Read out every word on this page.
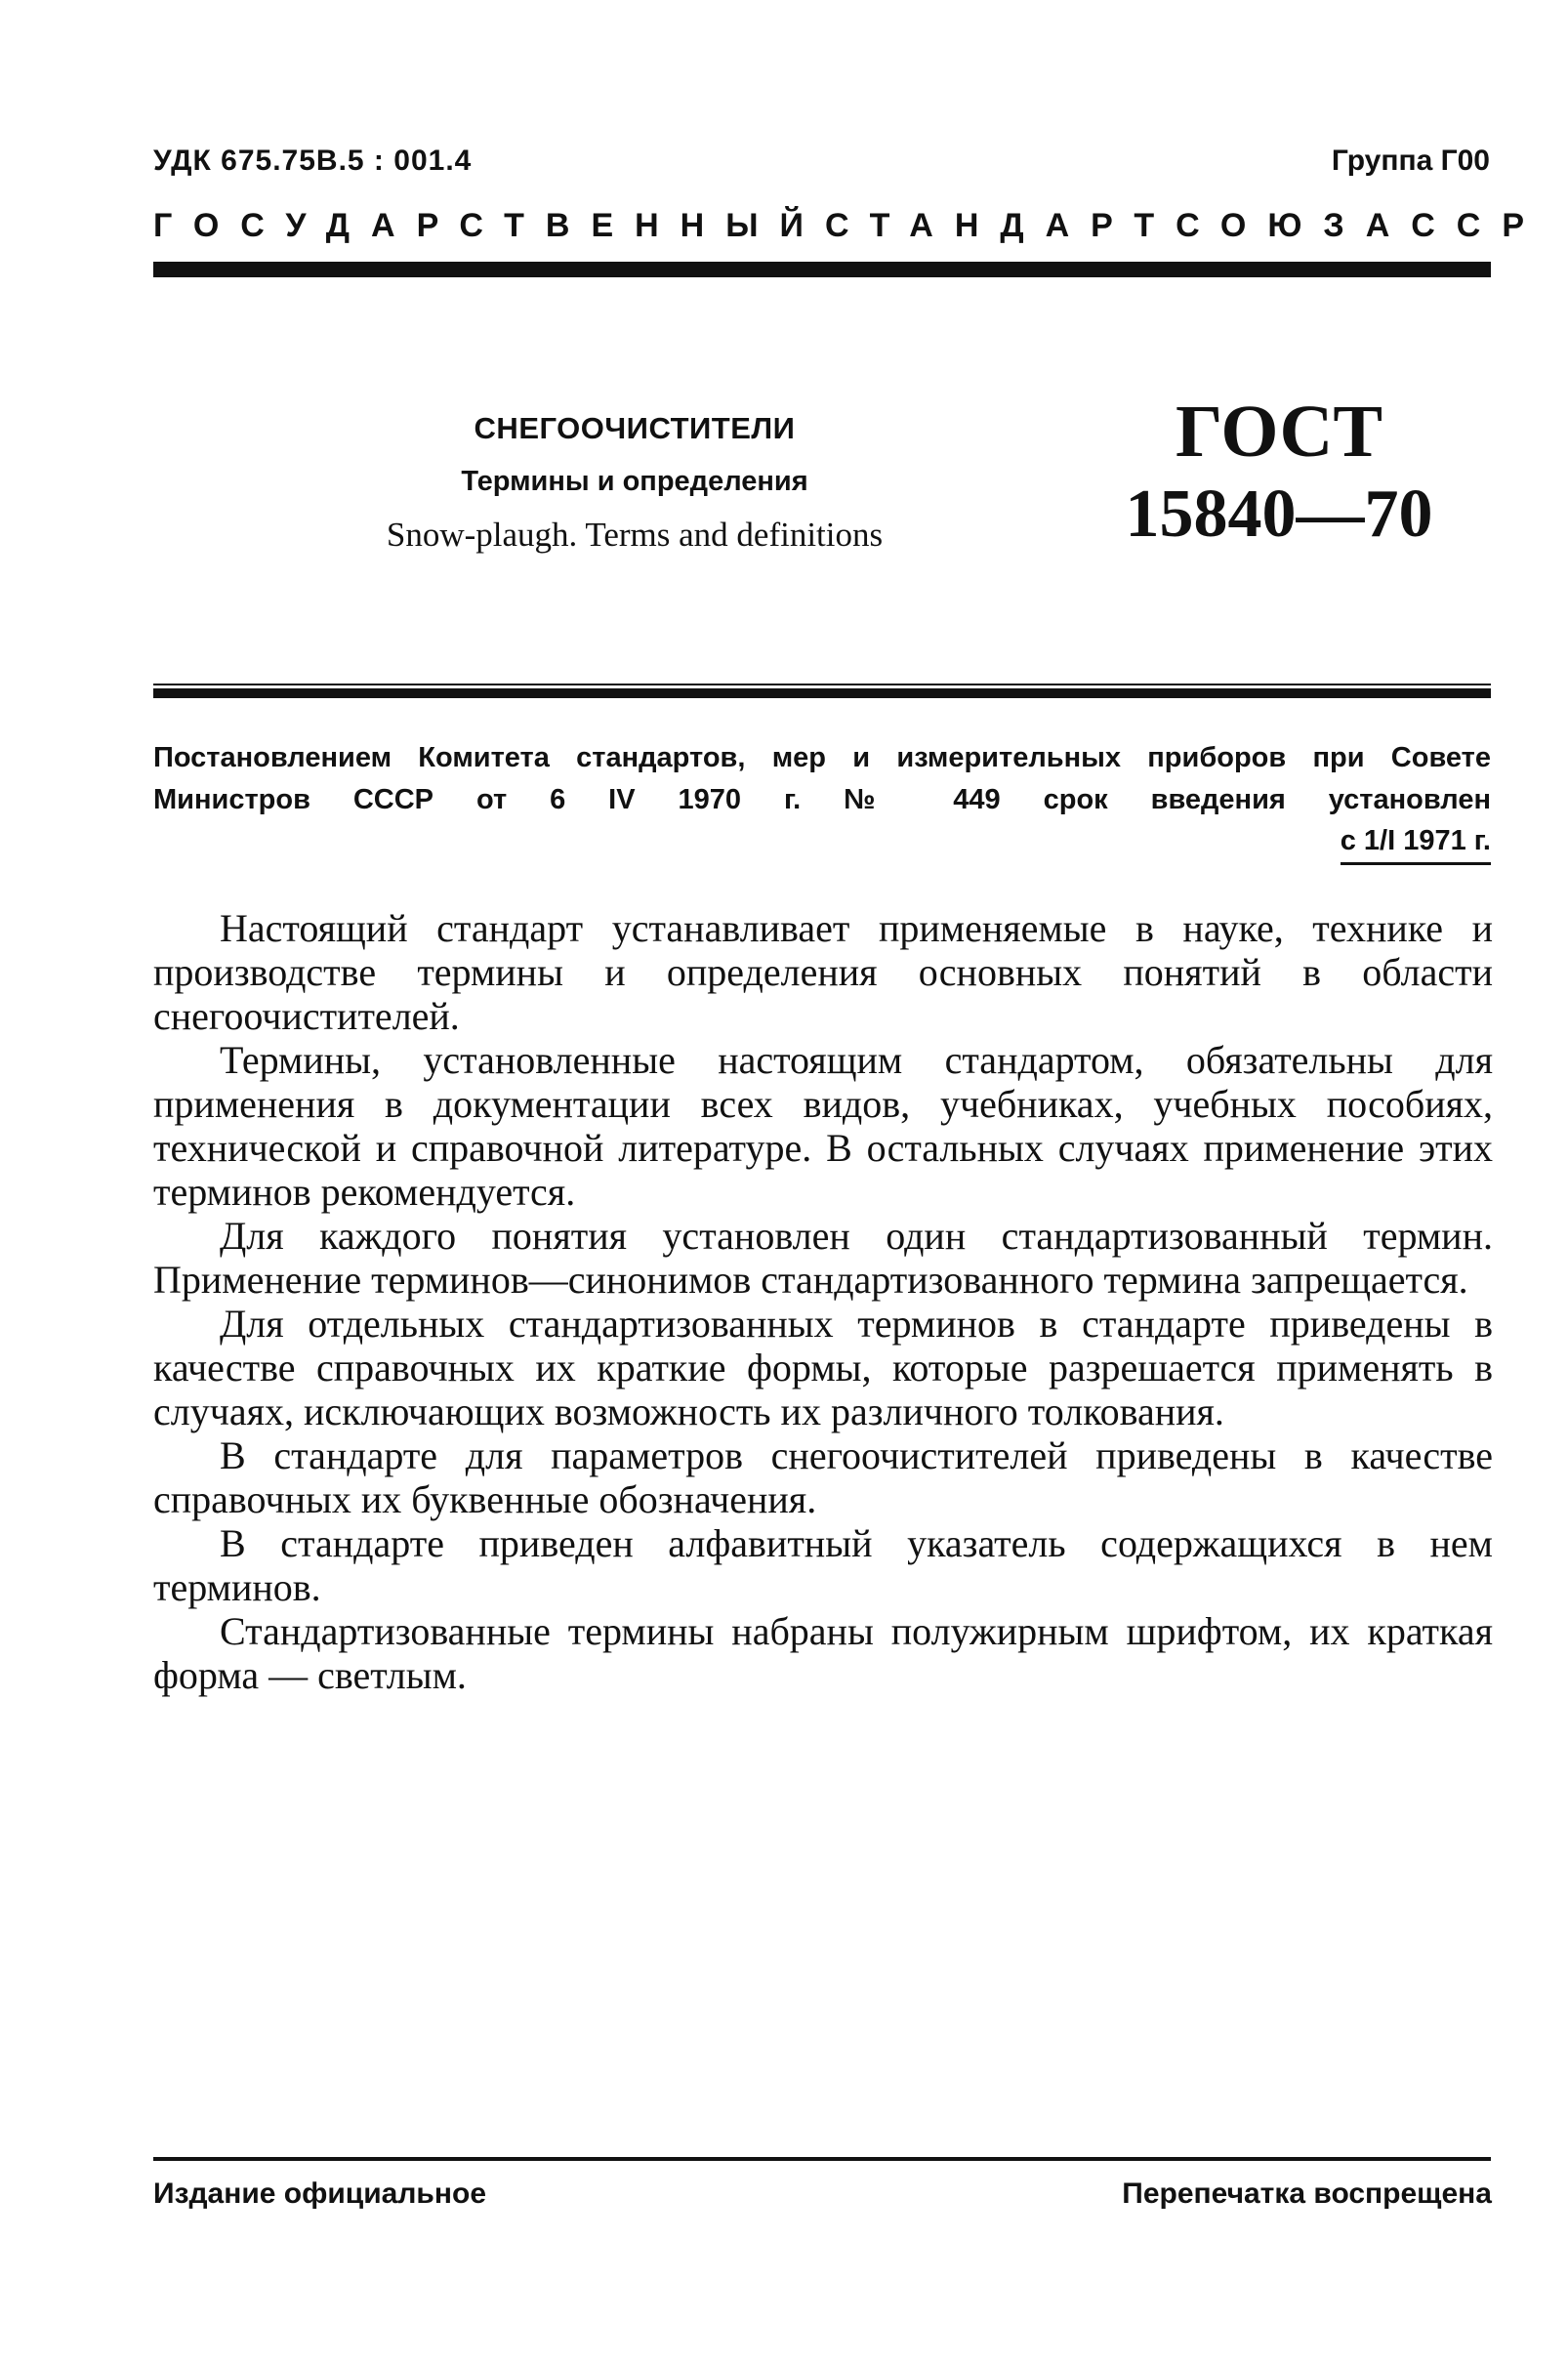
УДК 675.75В.5 : 001.4	Группа Г00
ГОСУДАРСТВЕННЫЙ СТАНДАРТ СОЮЗА ССР
СНЕГООЧИСТИТЕЛИ
Термины и определения
Snow-plaugh. Terms and definitions
ГОСТ
15840—70
Постановлением Комитета стандартов, мер и измерительных приборов при Совете Министров СССР от 6 IV 1970 г. № 449 срок введения установлен
с 1/I 1971 г.

Настоящий стандарт устанавливает применяемые в науке, технике и производстве термины и определения основных понятий в области снегоочистителей.

Термины, установленные настоящим стандартом, обязательны для применения в документации всех видов, учебниках, учебных пособиях, технической и справочной литературе. В остальных случаях применение этих терминов рекомендуется.

Для каждого понятия установлен один стандартизованный термин. Применение терминов—синонимов стандартизованного термина запрещается.

Для отдельных стандартизованных терминов в стандарте приведены в качестве справочных их краткие формы, которые разрешается применять в случаях, исключающих возможность их различного толкования.

В стандарте для параметров снегоочистителей приведены в качестве справочных их буквенные обозначения.

В стандарте приведен алфавитный указатель содержащихся в нем терминов.

Стандартизованные термины набраны полужирным шрифтом, их краткая форма — светлым.

Издание официальное	Перепечатка воспрещена
